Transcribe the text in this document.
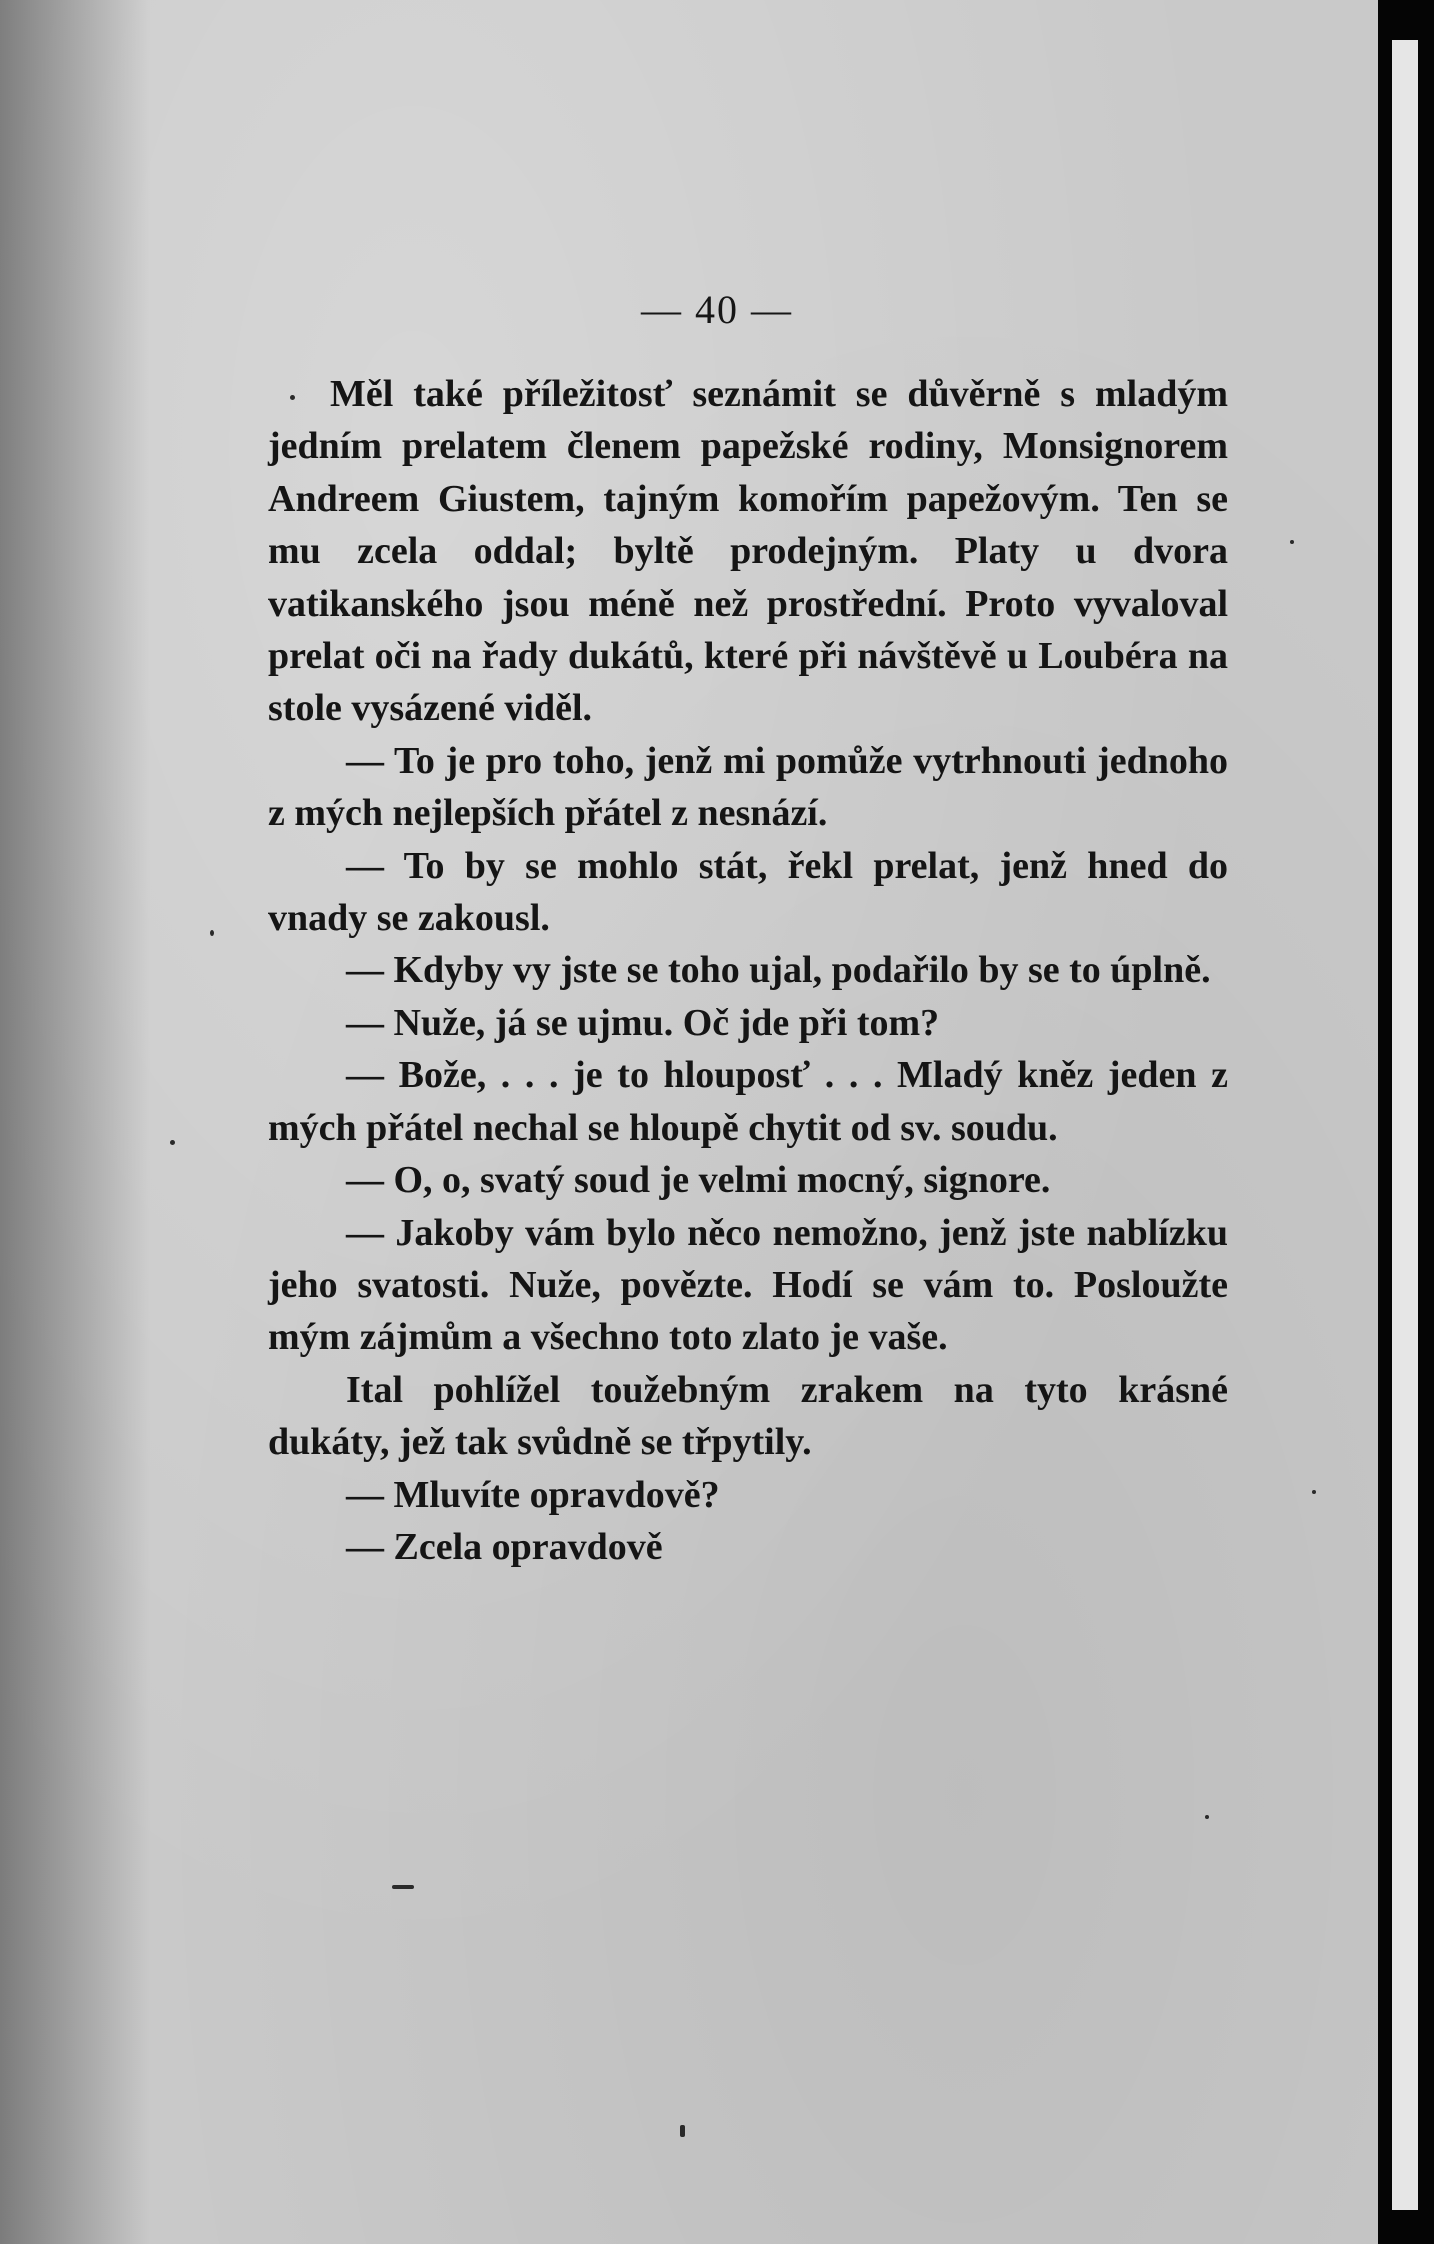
— 40 —

Měl také příležitosť seznámit se důvěrně s mladým jedním prelatem členem papežské rodiny, Monsignorem Andreem Giustem, tajným komořím papežovým. Ten se mu zcela oddal; byltě prodejným. Platy u dvora vatikanského jsou méně než prostřední. Proto vyvaloval prelat oči na řady dukátů, které při návštěvě u Loubéra na stole vysázené viděl.

— To je pro toho, jenž mi pomůže vytrhnouti jednoho z mých nejlepších přátel z nesnází.

— To by se mohlo stát, řekl prelat, jenž hned do vnady se zakousl.

— Kdyby vy jste se toho ujal, podařilo by se to úplně.

— Nuže, já se ujmu. Oč jde při tom?

— Bože, . . . je to hlouposť . . . Mladý kněz jeden z mých přátel nechal se hloupě chytit od sv. soudu.

— O, o, svatý soud je velmi mocný, signore.

— Jakoby vám bylo něco nemožno, jenž jste nablízku jeho svatosti. Nuže, povězte. Hodí se vám to. Posloužte mým zájmům a všechno toto zlato je vaše.

Ital pohlížel toužebným zrakem na tyto krásné dukáty, jež tak svůdně se třpytily.

— Mluvíte opravdově?

— Zcela opravdově
